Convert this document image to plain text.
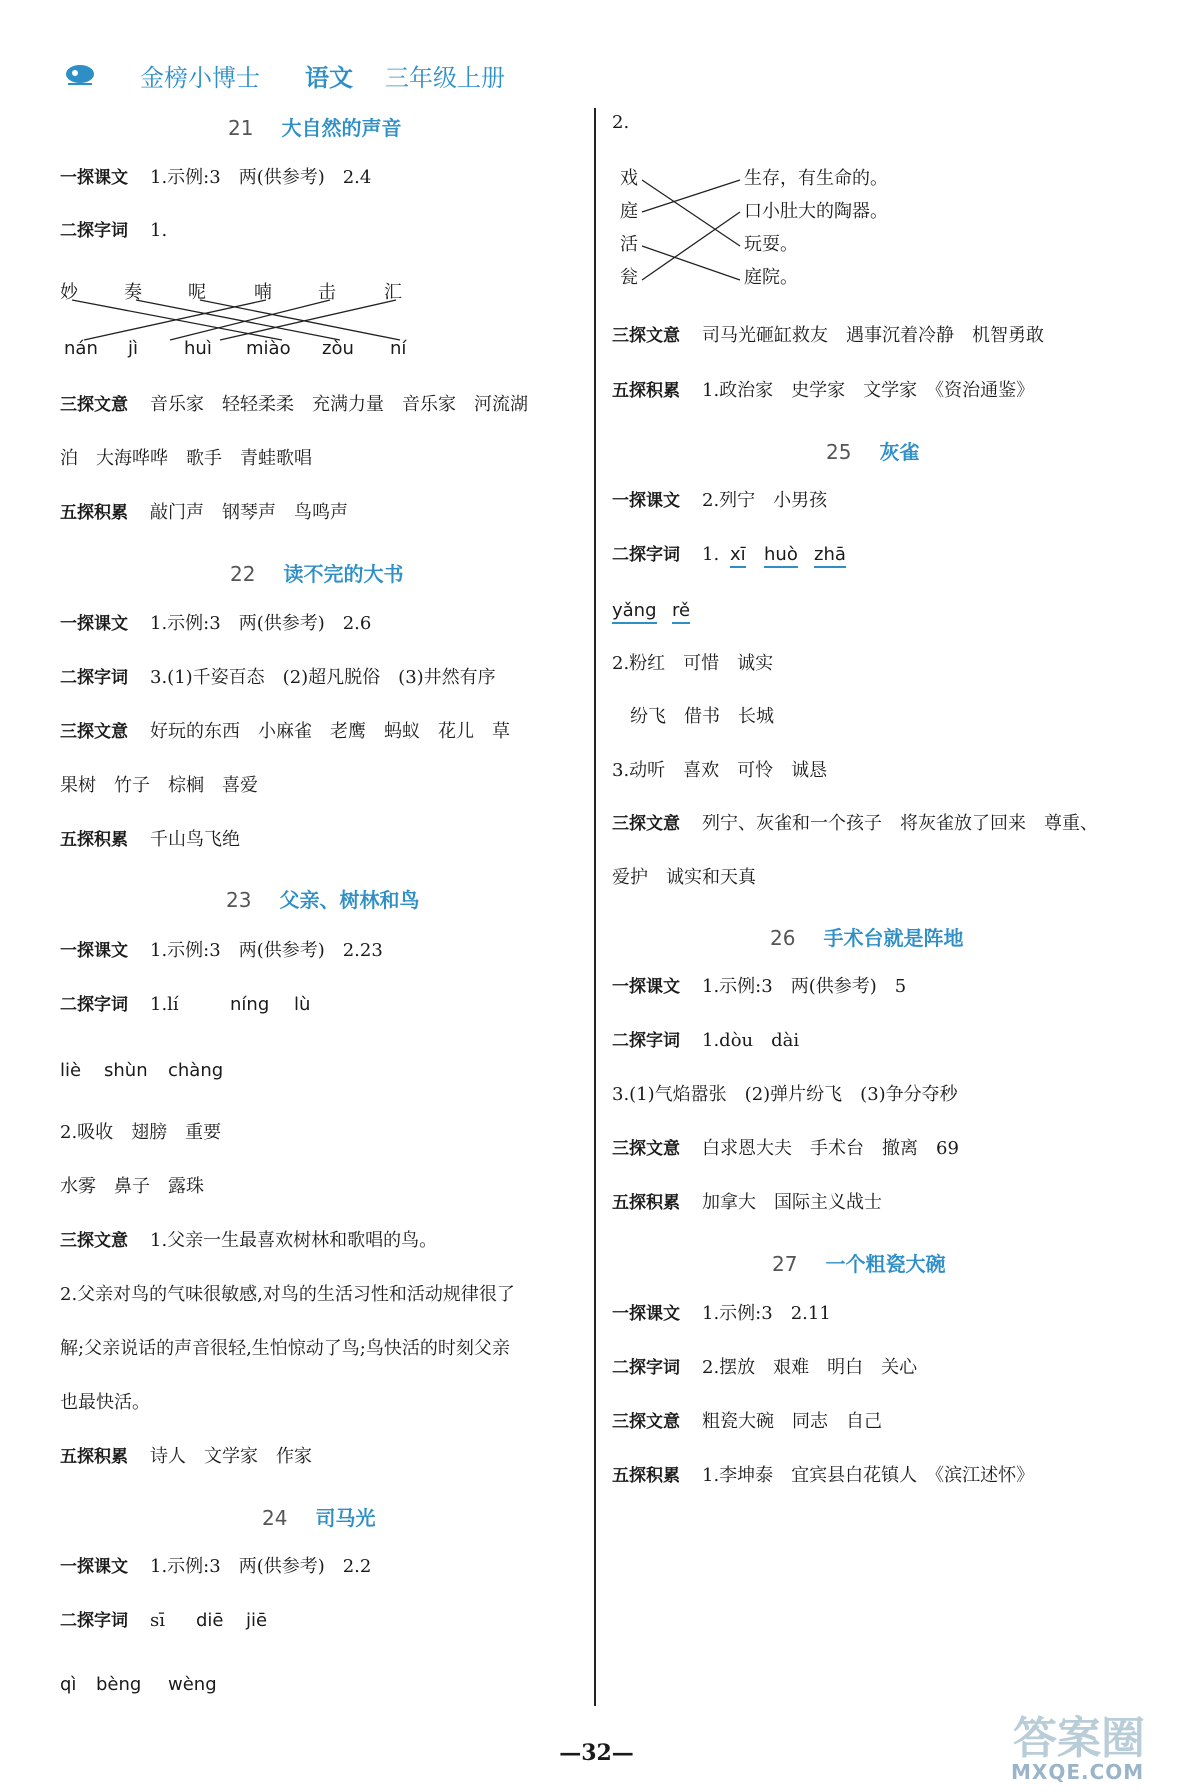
金榜小博士 语文 三年级上册
21 大自然的声音
一探课文 1.示例:3　两(供参考)　2.4
二探字词 1.
妙	奏	呢	喃	击	汇
nán jì	huì miào zòu ní
三探文意 音乐家　轻轻柔柔　充满力量　音乐家　河流湖
泊　大海哗哗　歌手　青蛙歌唱
五探积累 敲门声　钢琴声　鸟鸣声
22 读不完的大书
一探课文 1.示例:3　两(供参考)　2.6
二探字词 3.(1)千姿百态　(2)超凡脱俗　(3)井然有序
三探文意 好玩的东西　小麻雀　老鹰　蚂蚁　花儿　草
果树　竹子　棕榈　喜爱
五探积累 千山鸟飞绝
23 父亲、树林和鸟
一探课文 1.示例:3　两(供参考)　2.23
二探字词 1.lí	níng lù
liè shùn chàng
2.吸收　翅膀　重要
水雾　鼻子　露珠
三探文意 1.父亲一生最喜欢树林和歌唱的鸟。
2.父亲对鸟的气味很敏感,对鸟的生活习性和活动规律很了
解;父亲说话的声音很轻,生怕惊动了鸟;鸟快活的时刻父亲
也最快活。
五探积累 诗人　文学家　作家
24 司马光
一探课文 1.示例:3　两(供参考)　2.2
二探字词 sī diē jiē
qì bèng wèng
2.
戏
庭
活
瓮
生存，有生命的。
口小肚大的陶器。
玩耍。
庭院。
三探文意 司马光砸缸救友　遇事沉着冷静　机智勇敢
五探积累 1.政治家　史学家　文学家　《资治通鉴》
25 灰雀
一探课文 2.列宁　小男孩
二探字词 1. xī huò zhā
yǎng rě
2.粉红　可惜　诚实
　纷飞　借书　长城
3.动听　喜欢　可怜　诚恳
三探文意 列宁、灰雀和一个孩子　将灰雀放了回来　尊重、
爱护　诚实和天真
26 手术台就是阵地
一探课文 1.示例:3　两(供参考)　5
二探字词 1.dòu　dài
3.(1)气焰嚣张　(2)弹片纷飞　(3)争分夺秒
三探文意 白求恩大夫　手术台　撤离　69
五探积累 加拿大　国际主义战士
27 一个粗瓷大碗
一探课文 1.示例:3　2.11
二探字词 2.摆放　艰难　明白　关心
三探文意 粗瓷大碗　同志　自己
五探积累 1.李坤泰　宜宾县白花镇人　《滨江述怀》
—32—	答案圈
MXQE.COM
